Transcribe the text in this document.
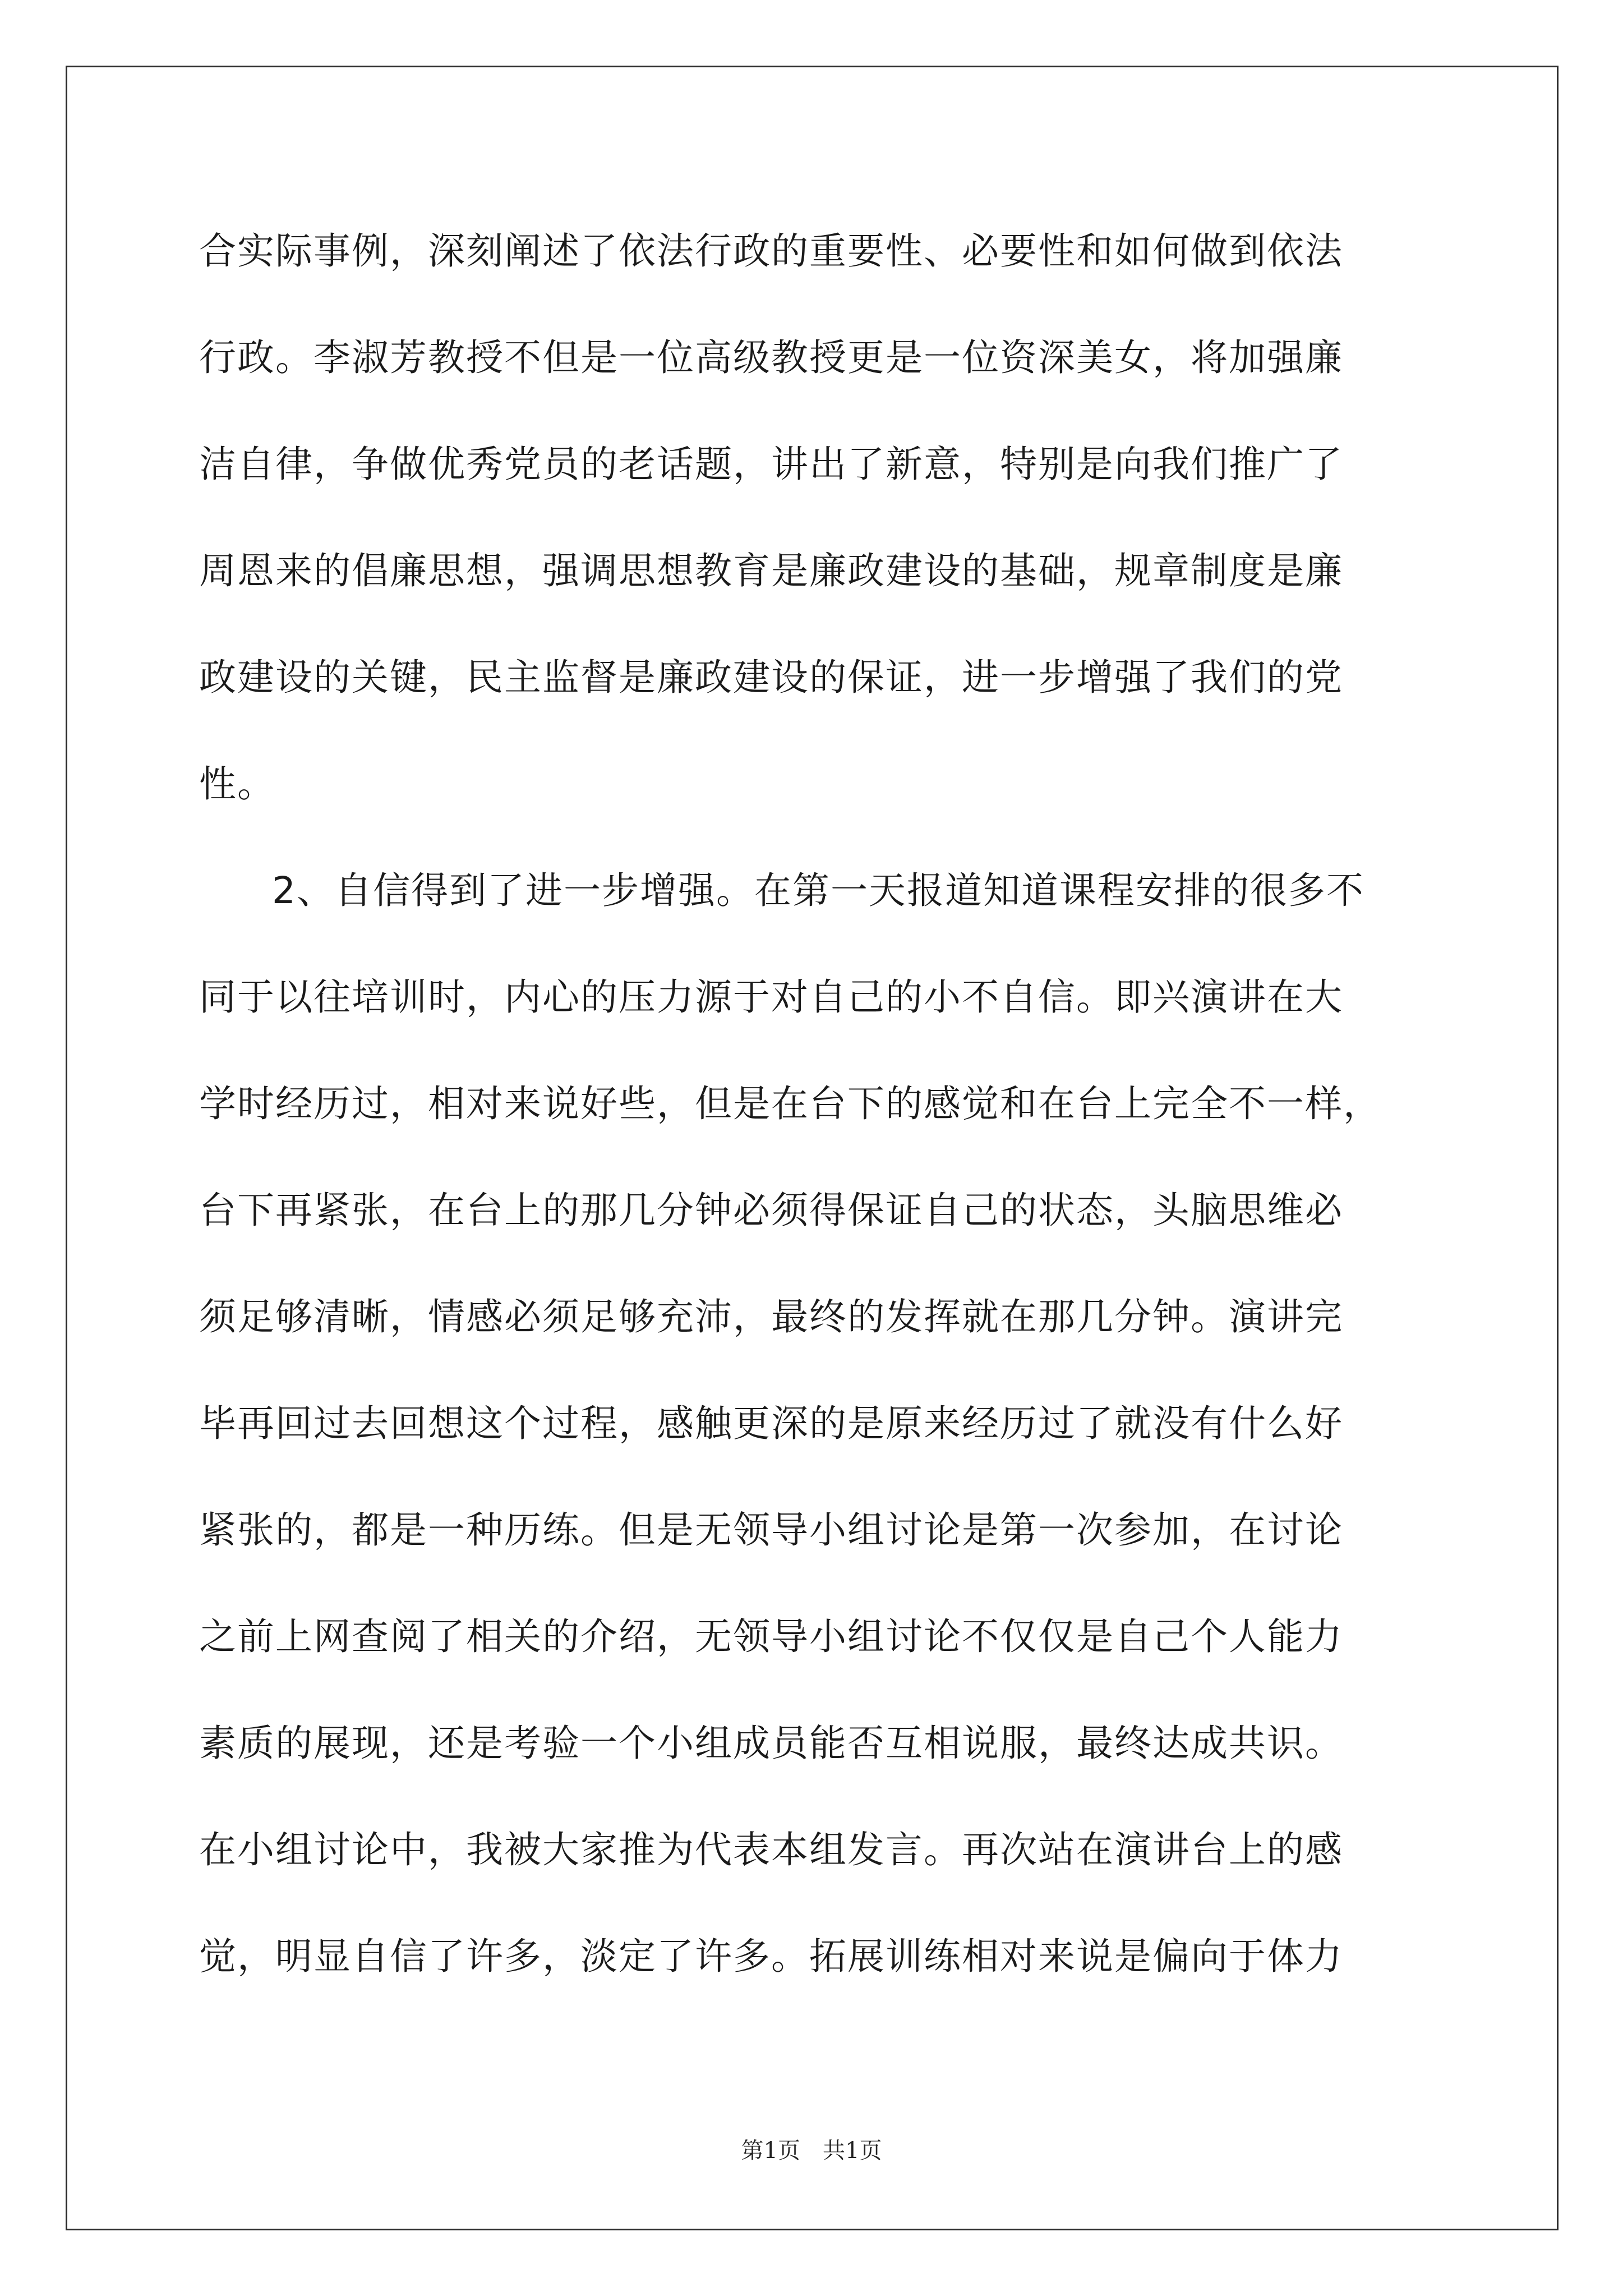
合实际事例，深刻阐述了依法行政的重要性、必要性和如何做到依法
行政。李淑芳教授不但是一位高级教授更是一位资深美女，将加强廉
洁自律，争做优秀党员的老话题，讲出了新意，特别是向我们推广了
周恩来的倡廉思想，强调思想教育是廉政建设的基础，规章制度是廉
政建设的关键，民主监督是廉政建设的保证，进一步增强了我们的党
性。
2、自信得到了进一步增强。在第一天报道知道课程安排的很多不
同于以往培训时，内心的压力源于对自己的小不自信。即兴演讲在大
学时经历过，相对来说好些，但是在台下的感觉和在台上完全不一样，
台下再紧张，在台上的那几分钟必须得保证自己的状态，头脑思维必
须足够清晰，情感必须足够充沛，最终的发挥就在那几分钟。演讲完
毕再回过去回想这个过程，感触更深的是原来经历过了就没有什么好
紧张的，都是一种历练。但是无领导小组讨论是第一次参加，在讨论
之前上网查阅了相关的介绍，无领导小组讨论不仅仅是自己个人能力
素质的展现，还是考验一个小组成员能否互相说服，最终达成共识。
在小组讨论中，我被大家推为代表本组发言。再次站在演讲台上的感
觉，明显自信了许多，淡定了许多。拓展训练相对来说是偏向于体力
第1页　共1页
